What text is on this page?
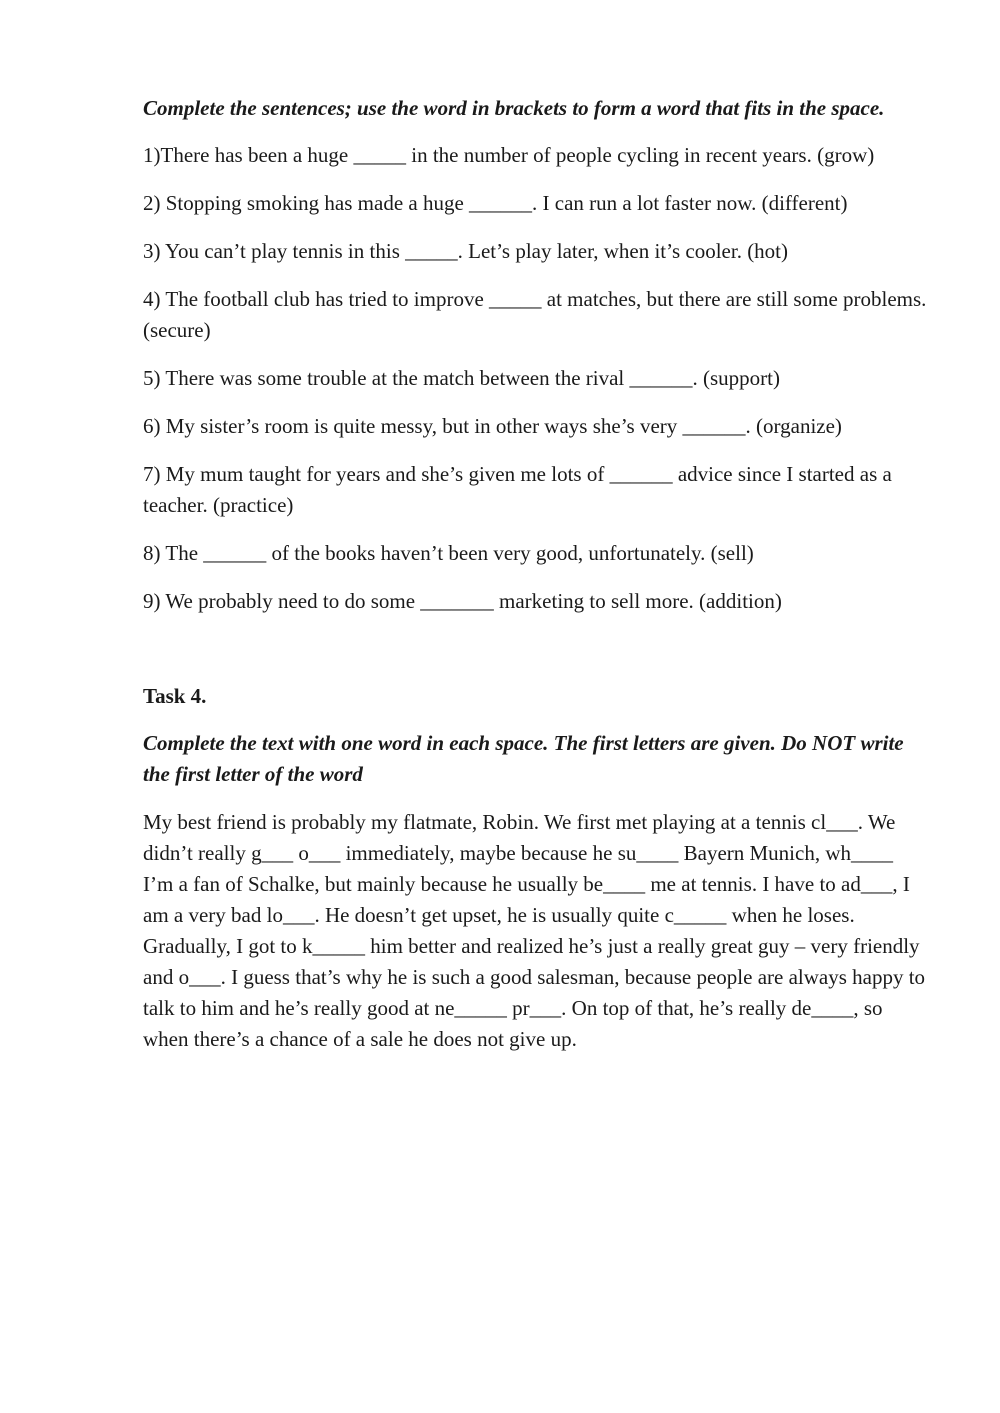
Complete the sentences; use the word in brackets to form a word that fits in the space.

1)There has been a huge _____ in the number of people cycling in recent years. (grow)

2) Stopping smoking has made a huge ______. I can run a lot faster now. (different)

3) You can’t play tennis in this _____. Let’s play later, when it’s cooler. (hot)

4) The football club has tried to improve _____ at matches, but there are still some problems. (secure)

5) There was some trouble at the match between the rival ______. (support)

6) My sister’s room is quite messy, but in other ways she’s very ______. (organize)

7) My mum taught for years and she’s given me lots of ______ advice since I started as a teacher. (practice)

8) The ______ of the books haven’t been very good, unfortunately. (sell)

9) We probably need to do some _______ marketing to sell more. (addition)

Task 4.

Complete the text with one word in each space. The first letters are given. Do NOT write the first letter of the word

My best friend is probably my flatmate, Robin. We first met playing at a tennis cl___. We didn’t really g___ o___ immediately, maybe because he su____ Bayern Munich, wh____ I’m a fan of Schalke, but mainly because he usually be____ me at tennis. I have to ad___, I am a very bad lo___. He doesn’t get upset, he is usually quite c_____ when he loses. Gradually, I got to k_____ him better and realized he’s just a really great guy – very friendly and o___. I guess that’s why he is such a good salesman, because people are always happy to talk to him and he’s really good at ne_____ pr___. On top of that, he’s really de____, so when there’s a chance of a sale he does not give up.
